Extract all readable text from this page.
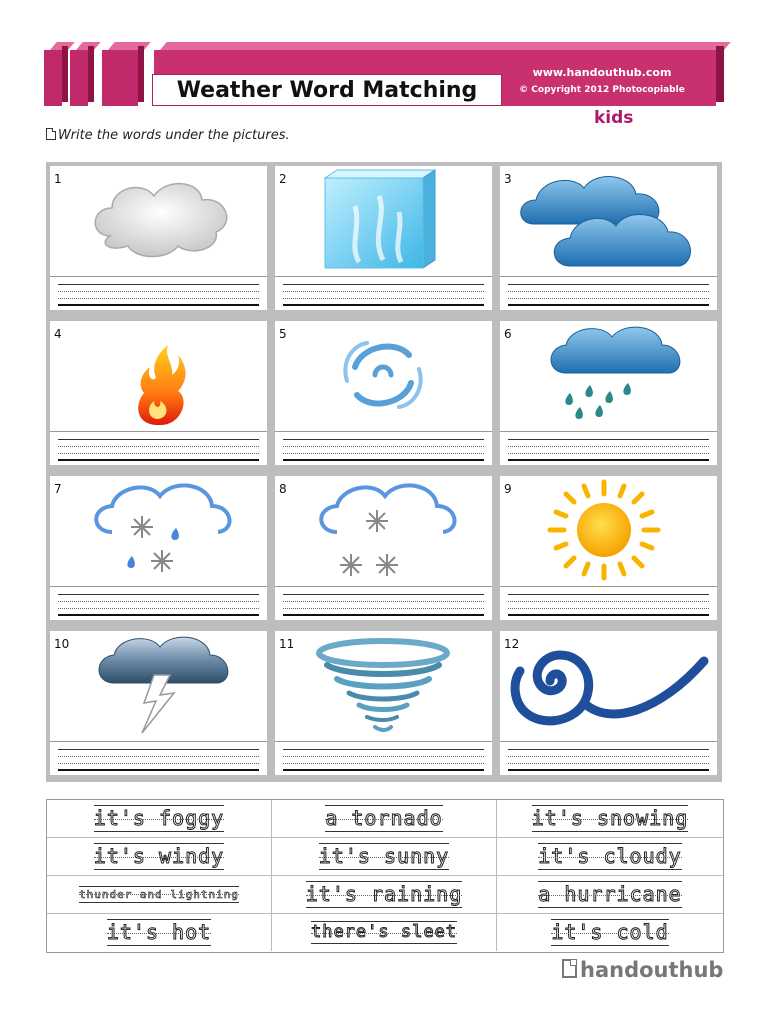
Weather Word Matching
www.handouthub.com
© Copyright 2012 Photocopiable
kids
Write the words under the pictures.
1	2	3
4	5	6
7	8	9
10	11	12
it's foggy	a tornado	it's snowing
it's windy	it's sunny	it's cloudy
thunder and lightning	it's raining	a hurricane
it's hot	there's sleet	it's cold
handouthub
